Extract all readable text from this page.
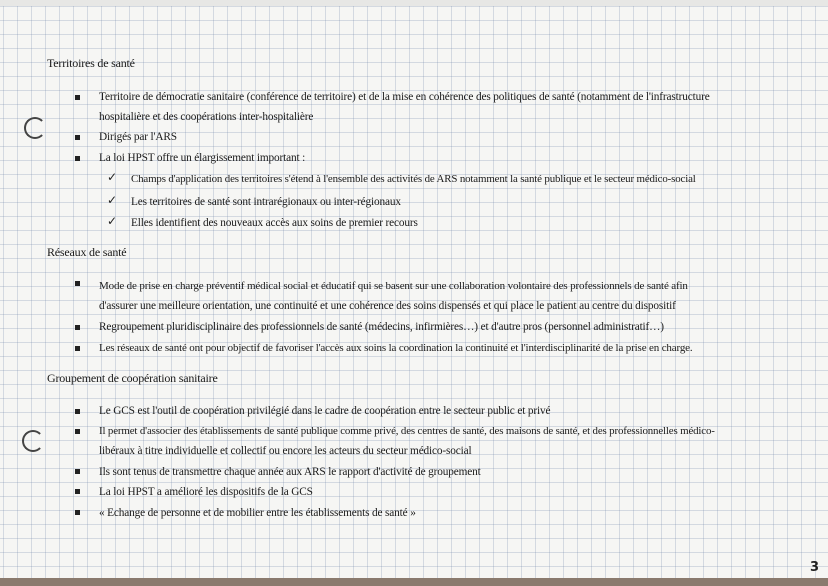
Territoires de santé
Territoire de démocratie sanitaire (conférence de territoire) et de la mise en cohérence des politiques de santé (notamment de l'infrastructure
hospitalière et des coopérations inter-hospitalière
Dirigés par l'ARS
La loi HPST offre un élargissement important :
✓ Champs d'application des territoires s'étend à l'ensemble des activités de ARS notamment la santé publique et le secteur médico-social
✓ Les territoires de santé sont intrarégionaux ou inter-régionaux
✓ Elles identifient des nouveaux accès aux soins de premier recours
Réseaux de santé
Mode de prise en charge préventif médical social et éducatif qui se basent sur une collaboration volontaire des professionnels de santé afin
d'assurer une meilleure orientation, une continuité et une cohérence des soins dispensés et qui place le patient au centre du dispositif
Regroupement pluridisciplinaire des professionnels de santé (médecins, infirmières…) et d'autre pros (personnel administratif…)
Les réseaux de santé ont pour objectif de favoriser l'accès aux soins la coordination la continuité et l'interdisciplinarité de la prise en charge.
Groupement de coopération sanitaire
Le GCS est l'outil de coopération privilégié dans le cadre de coopération entre le secteur public et privé
Il permet d'associer des établissements de santé publique comme privé, des centres de santé, des maisons de santé, et des professionnelles médico-
libéraux à titre individuelle et collectif ou encore les acteurs du secteur médico-social
Ils sont tenus de transmettre chaque année aux ARS le rapport d'activité de groupement
La loi HPST a amélioré les dispositifs de la GCS
« Echange de personne et de mobilier entre les établissements de santé »
3
